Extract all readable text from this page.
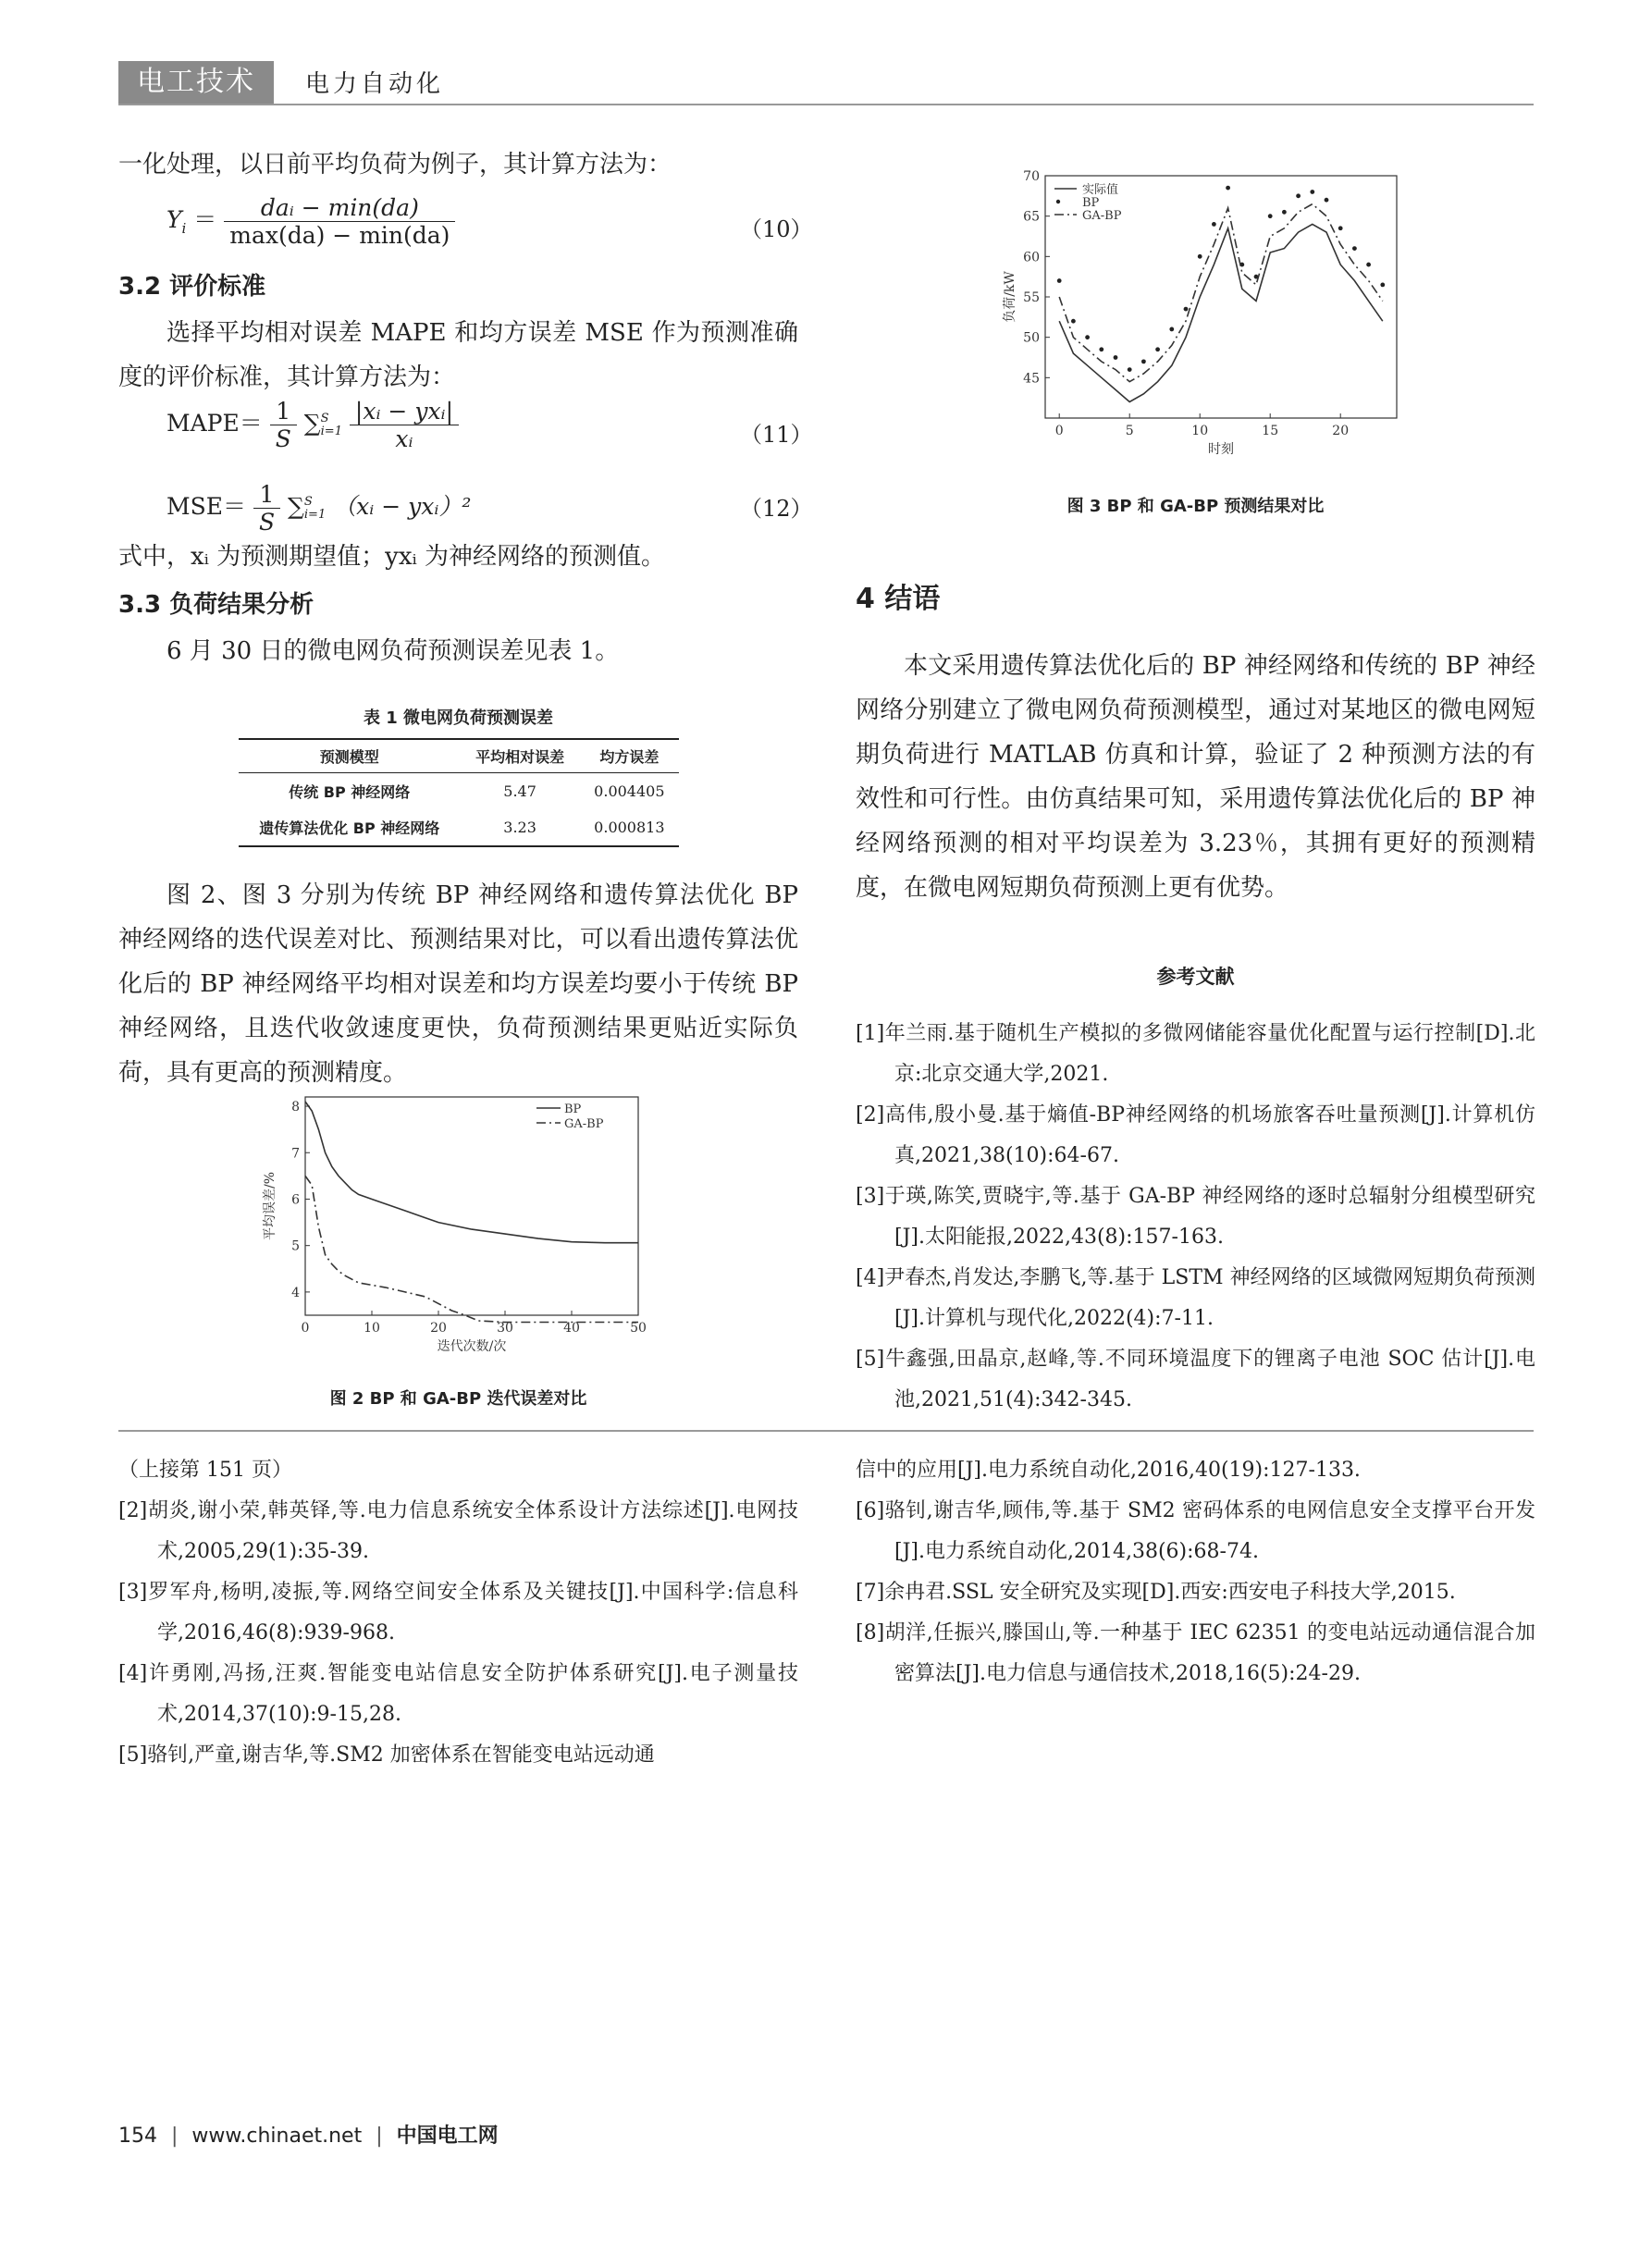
电工技术	电力自动化

一化处理，以日前平均负荷为例子，其计算方法为：

$Y_i = \frac{\text{daᵢ − min(da)}}{\max(da) - \min(da)}$	（10）
3.2 评价标准

选择平均相对误差 MAPE 和均方误差 MSE 作为预测准确度的评价标准，其计算方法为：

MAPE＝ $\frac{1}{S}$ ∑ S
i=1
$\frac{\text{|xᵢ − yxᵢ|}}{\text{xᵢ}}$	（11）
$MSE= \frac{1}{S}$ ∑ S
i=1 （xᵢ − yxᵢ）²	（12）

式中，xᵢ 为预测期望值；yxᵢ 为神经网络的预测值。

3.3 负荷结果分析

6 月 30 日的微电网负荷预测误差见表 1。

表 1 微电网负荷预测误差
预测模型	平均相对误差	均方误差
传统 BP 神经网络	5.47	0.004405
遗传算法优化 BP 神经网络	3.23	0.000813

图 2、图 3 分别为传统 BP 神经网络和遗传算法优化 BP 神经网络的迭代误差对比、预测结果对比，可以看出遗传算法优化后的 BP 神经网络平均相对误差和均方误差均要小于传统 BP 神经网络，且迭代收敛速度更快，负荷预测结果更贴近实际负荷，具有更高的预测精度。

0	10	20	30	40	50
4
5
6
7
8
迭代次数/次
平均误差/%
BP
GA-BP
图 2 BP 和 GA-BP 迭代误差对比
0	5	10	15	20
45
50
55
60
65
70
时刻
负荷/kW
实际值
BP
GA-BP
图 3 BP 和 GA-BP 预测结果对比
4 结语

本文采用遗传算法优化后的 BP 神经网络和传统的 BP 神经网络分别建立了微电网负荷预测模型，通过对某地区的微电网短期负荷进行 MATLAB 仿真和计算，验证了 2 种预测方法的有效性和可行性。由仿真结果可知，采用遗传算法优化后的 BP 神经网络预测的相对平均误差为 3.23％，其拥有更好的预测精度，在微电网短期负荷预测上更有优势。

参考文献

[1]年兰雨.基于随机生产模拟的多微网储能容量优化配置与运行控制[D].北京:北京交通大学,2021.

[2]高伟,殷小曼.基于熵值-BP神经网络的机场旅客吞吐量预测[J].计算机仿真,2021,38(10):64-67.

[3]于瑛,陈笑,贾晓宇,等.基于 GA-BP 神经网络的逐时总辐射分组模型研究[J].太阳能报,2022,43(8):157-163.

[4]尹春杰,肖发达,李鹏飞,等.基于 LSTM 神经网络的区域微网短期负荷预测[J].计算机与现代化,2022(4):7-11.

[5]牛鑫强,田晶京,赵峰,等.不同环境温度下的锂离子电池 SOC 估计[J].电池,2021,51(4):342-345.

（上接第 151 页）

[2]胡炎,谢小荣,韩英铎,等.电力信息系统安全体系设计方法综述[J].电网技术,2005,29(1):35-39.

[3]罗军舟,杨明,凌振,等.网络空间安全体系及关键技[J].中国科学:信息科学,2016,46(8):939-968.

[4]许勇刚,冯扬,汪爽.智能变电站信息安全防护体系研究[J].电子测量技术,2014,37(10):9-15,28.

[5]骆钊,严童,谢吉华,等.SM2 加密体系在智能变电站远动通

信中的应用[J].电力系统自动化,2016,40(19):127-133.

[6]骆钊,谢吉华,顾伟,等.基于 SM2 密码体系的电网信息安全支撑平台开发[J].电力系统自动化,2014,38(6):68-74.

[7]余冉君.SSL 安全研究及实现[D].西安:西安电子科技大学,2015.

[8]胡洋,任振兴,滕国山,等.一种基于 IEC 62351 的变电站远动通信混合加密算法[J].电力信息与通信技术,2018,16(5):24-29.

154 | www.chinaet.net | 中国电工网
